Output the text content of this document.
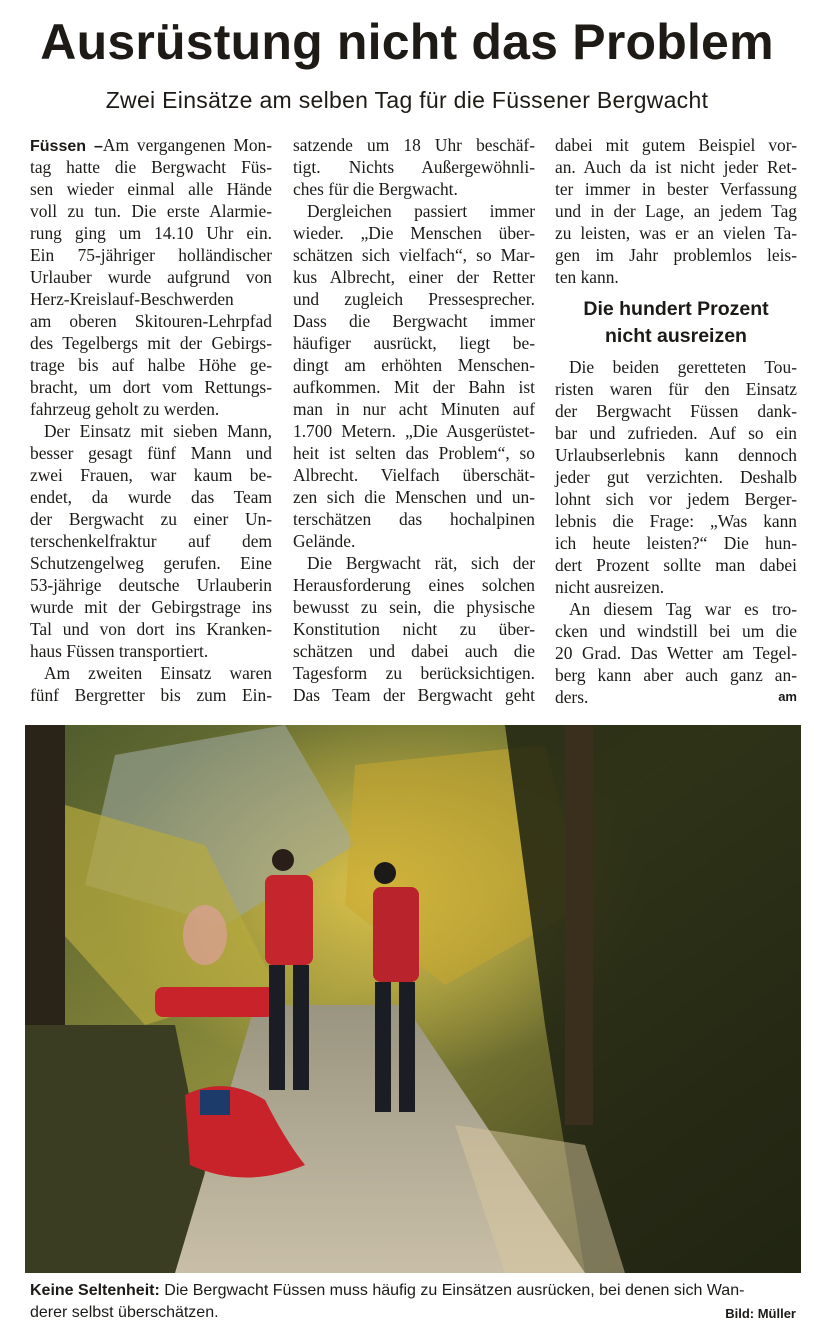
Ausrüstung nicht das Problem
Zwei Einsätze am selben Tag für die Füssener Bergwacht
Füssen –Am vergangenen Mon-
tag hatte die Bergwacht Füs-
sen wieder einmal alle Hände
voll zu tun. Die erste Alarmie-
rung ging um 14.10 Uhr ein.
Ein 75-jähriger holländischer
Urlauber wurde aufgrund von
Herz-Kreislauf-Beschwerden
am oberen Skitouren-Lehrpfad
des Tegelbergs mit der Gebirgs-
trage bis auf halbe Höhe ge-
bracht, um dort vom Rettungs-
fahrzeug geholt zu werden.
Der Einsatz mit sieben Mann,
besser gesagt fünf Mann und
zwei Frauen, war kaum be-
endet, da wurde das Team
der Bergwacht zu einer Un-
terschenkelfraktur auf dem
Schutzengelweg gerufen. Eine
53-jährige deutsche Urlauberin
wurde mit der Gebirgstrage ins
Tal und von dort ins Kranken-
haus Füssen transportiert.
Am zweiten Einsatz waren
fünf Bergretter bis zum Ein-
satzende um 18 Uhr beschäf-
tigt. Nichts Außergewöhnli-
ches für die Bergwacht.
Dergleichen passiert immer
wieder. „Die Menschen über-
schätzen sich vielfach“, so Mar-
kus Albrecht, einer der Retter
und zugleich Pressesprecher.
Dass die Bergwacht immer
häufiger ausrückt, liegt be-
dingt am erhöhten Menschen-
aufkommen. Mit der Bahn ist
man in nur acht Minuten auf
1.700 Metern. „Die Ausgerüstet-
heit ist selten das Problem“, so
Albrecht. Vielfach überschät-
zen sich die Menschen und un-
terschätzen das hochalpinen
Gelände.
Die Bergwacht rät, sich der
Herausforderung eines solchen
bewusst zu sein, die physische
Konstitution nicht zu über-
schätzen und dabei auch die
Tagesform zu berücksichtigen.
Das Team der Bergwacht geht
dabei mit gutem Beispiel vor-
an. Auch da ist nicht jeder Ret-
ter immer in bester Verfassung
und in der Lage, an jedem Tag
zu leisten, was er an vielen Ta-
gen im Jahr problemlos leis-
ten kann.
Die hundert Prozent
nicht ausreizen
Die beiden geretteten Tou-
risten waren für den Einsatz
der Bergwacht Füssen dank-
bar und zufrieden. Auf so ein
Urlaubserlebnis kann dennoch
jeder gut verzichten. Deshalb
lohnt sich vor jedem Berger-
lebnis die Frage: „Was kann
ich heute leisten?“ Die hun-
dert Prozent sollte man dabei
nicht ausreizen.
An diesem Tag war es tro-
cken und windstill bei um die
20 Grad. Das Wetter am Tegel-
berg kann aber auch ganz an-
ders.	am
Keine Seltenheit: Die Bergwacht Füssen muss häufig zu Einsätzen ausrücken, bei denen sich Wan-
derer selbst überschätzen.	Bild: Müller
